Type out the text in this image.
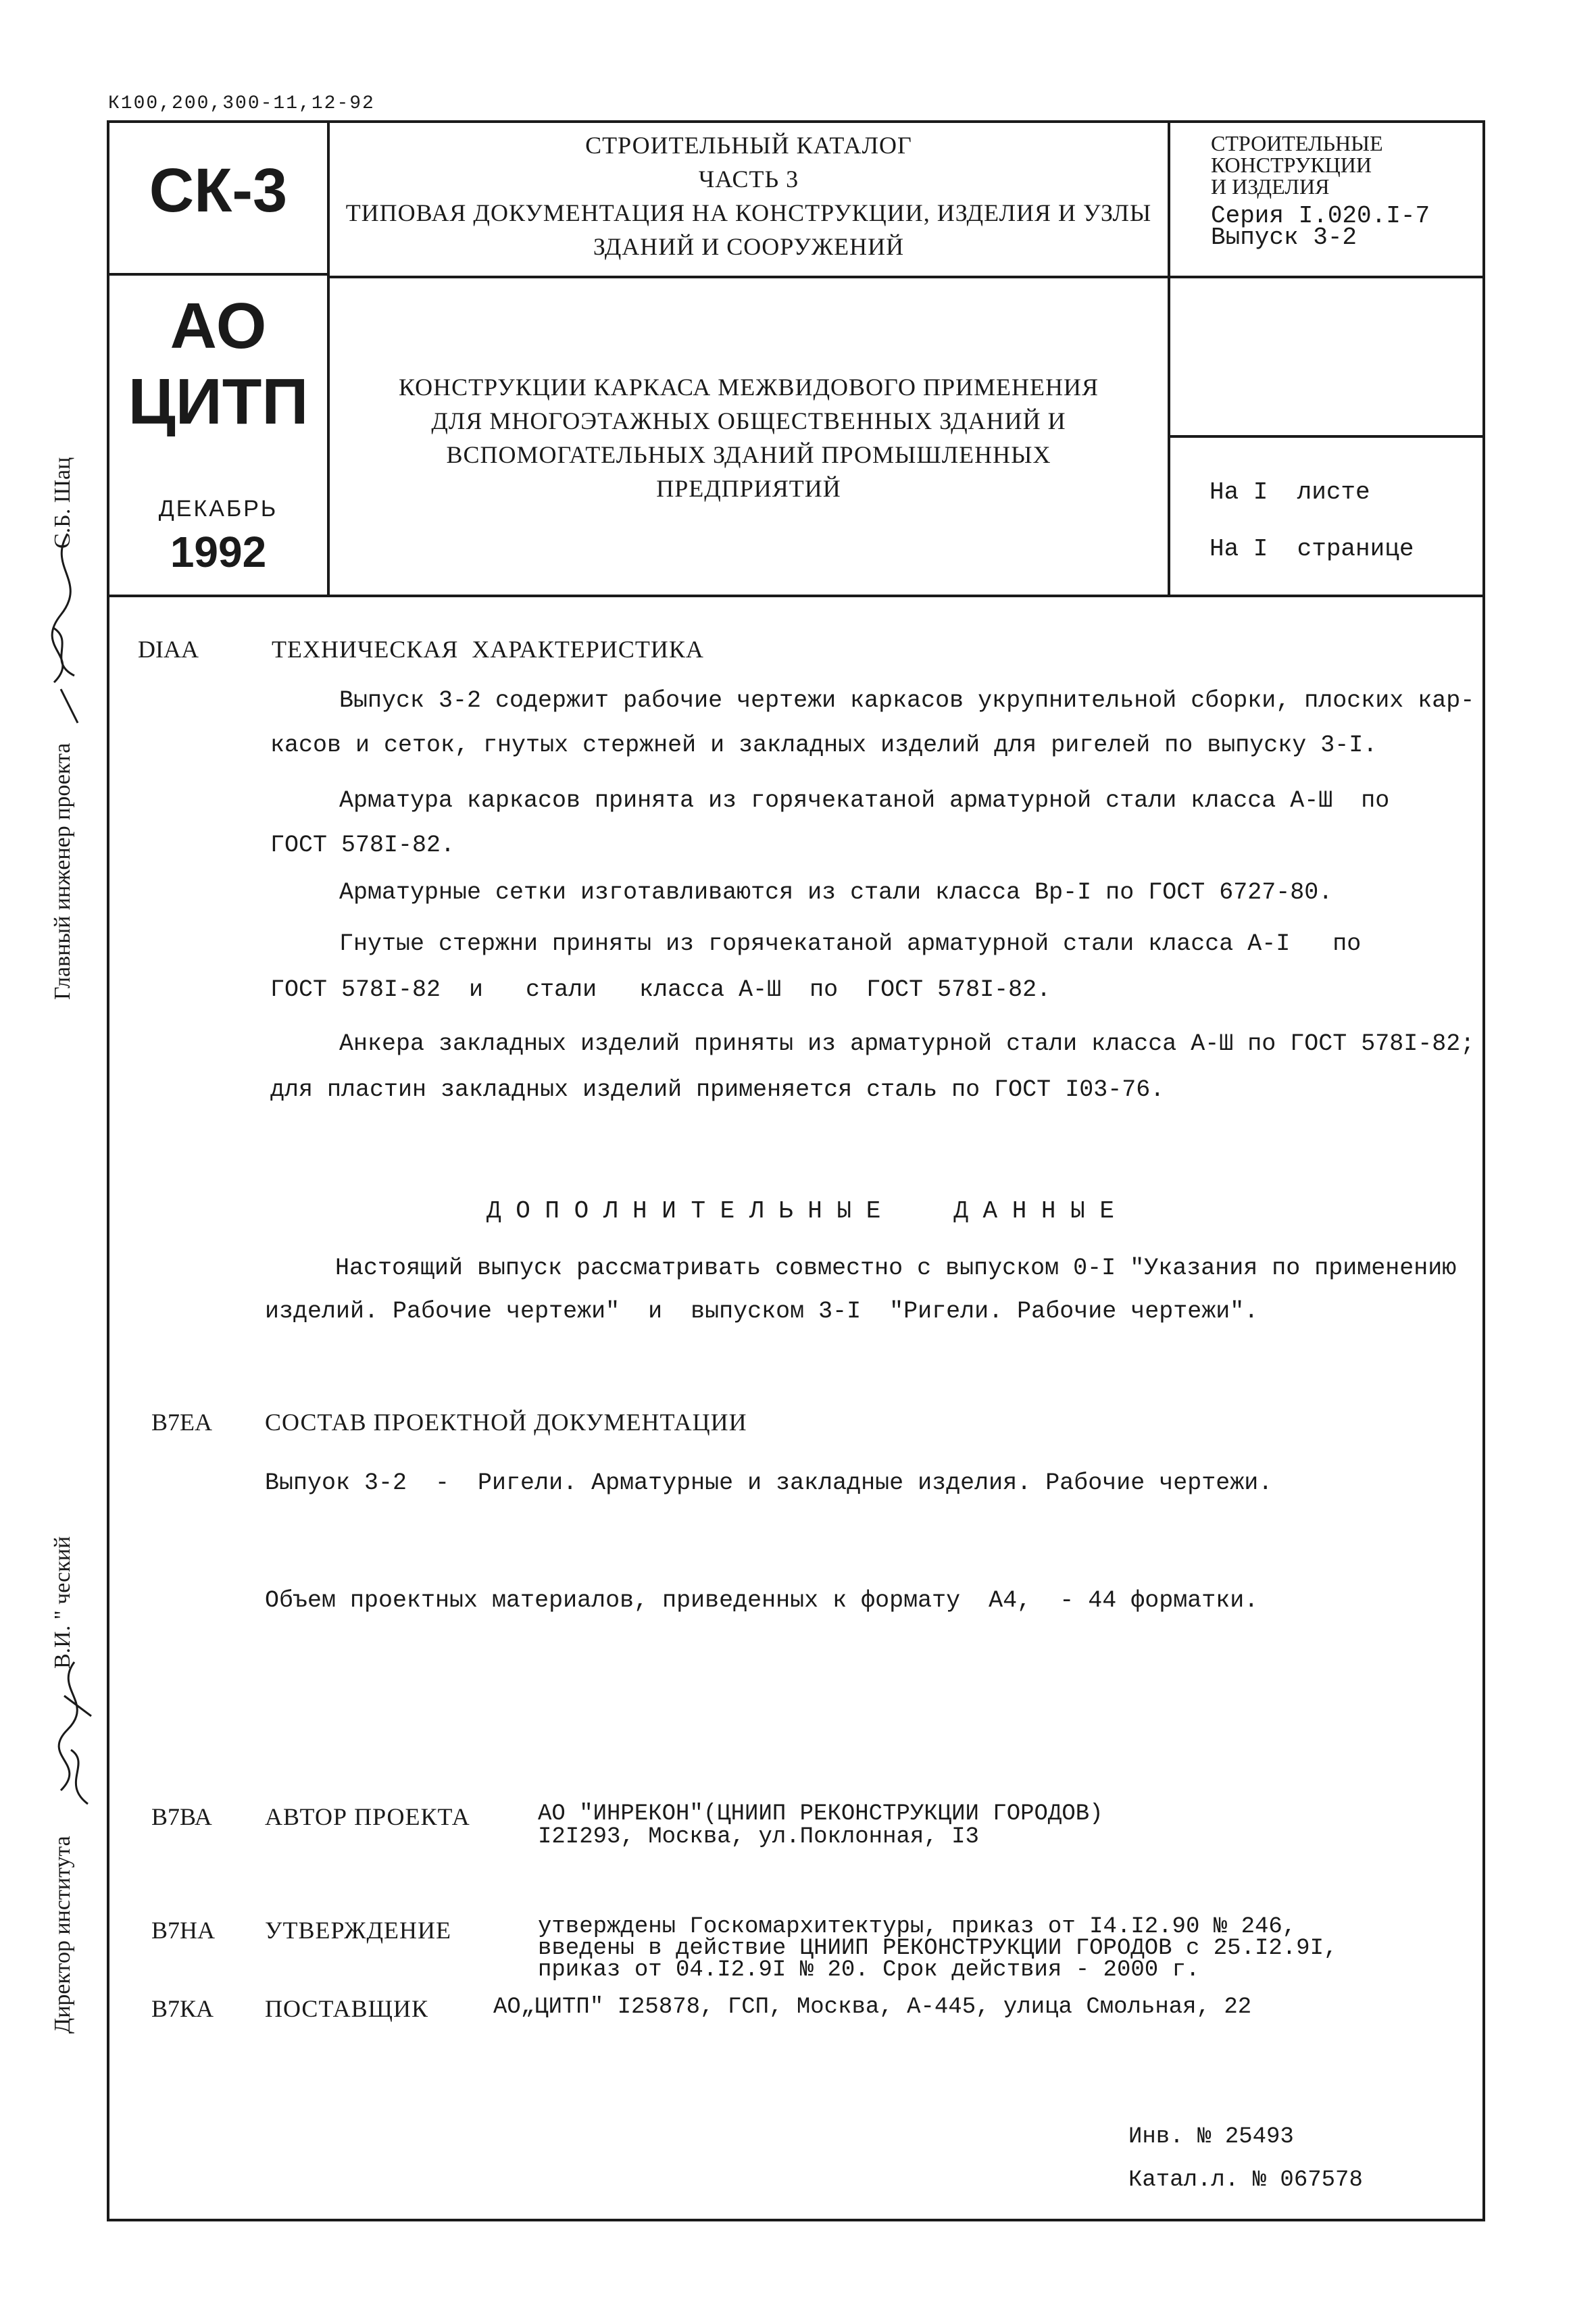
К100,200,300-11,12-92
СК-3
АО
ЦИТП
ДЕКАБРЬ
1992
СТРОИТЕЛЬНЫЙ КАТАЛОГ
ЧАСТЬ 3
ТИПОВАЯ ДОКУМЕНТАЦИЯ НА КОНСТРУКЦИИ, ИЗДЕЛИЯ И УЗЛЫ
ЗДАНИЙ И СООРУЖЕНИЙ
КОНСТРУКЦИИ КАРКАСА МЕЖВИДОВОГО ПРИМЕНЕНИЯ
ДЛЯ МНОГОЭТАЖНЫХ ОБЩЕСТВЕННЫХ ЗДАНИЙ И
ВСПОМОГАТЕЛЬНЫХ ЗДАНИЙ ПРОМЫШЛЕННЫХ
ПРЕДПРИЯТИЙ
СТРОИТЕЛЬНЫЕ
КОНСТРУКЦИИ
И ИЗДЕЛИЯ
Серия I.020.I-7
Выпуск 3-2
На I  листе
На I  странице
DIAA	ТЕХНИЧЕСКАЯ  ХАРАКТЕРИСТИКА
Выпуск 3-2 содержит рабочие чертежи каркасов укрупнительной сборки, плоских кар-
касов и сеток, гнутых стержней и закладных изделий для ригелей по выпуску 3-I.
Арматура каркасов принята из горячекатаной арматурной стали класса А-Ш  по
ГОСТ 578I-82.
Арматурные сетки изготавливаются из стали класса Вр-I по ГОСТ 6727-80.
Гнутые стержни приняты из горячекатаной арматурной стали класса А-I   по
ГОСТ 578I-82  и   стали   класса А-Ш  по  ГОСТ 578I-82.
Анкера закладных изделий приняты из арматурной стали класса А-Ш по ГОСТ 578I-82;
для пластин закладных изделий применяется сталь по ГОСТ I03-76.
Д О П О Л Н И Т Е Л Ь Н Ы Е     Д А Н Н Ы Е
Настоящий выпуск рассматривать совместно с выпуском 0-I "Указания по применению
изделий. Рабочие чертежи"  и  выпуском 3-I  "Ригели. Рабочие чертежи".
В7ЕА СОСТАВ ПРОЕКТНОЙ ДОКУМЕНТАЦИИ
Выпуок 3-2  -  Ригели. Арматурные и закладные изделия. Рабочие чертежи.
Объем проектных материалов, приведенных к формату  А4,  - 44 форматки.
В7ВА АВТОР ПРОЕКТА	АО "ИНРЕКОН"(ЦНИИП РЕКОНСТРУКЦИИ ГОРОДОВ)
I2I293, Москва, ул.Поклонная, I3
В7НА УТВЕРЖДЕНИЕ	утверждены Госкомархитектуры, приказ от I4.I2.90 № 246,
введены в действие ЦНИИП РЕКОНСТРУКЦИИ ГОРОДОВ с 25.I2.9I,
приказ от 04.I2.9I № 20. Срок действия - 2000 г.
В7КА ПОСТАВЩИК	АО„ЦИТП" I25878, ГСП, Москва, А-445, улица Смольная, 22
Инв. № 25493
Катал.л. № 067578
Главный инженер проекта
С.Б. Шац
Директор института
В.И. " ческий
